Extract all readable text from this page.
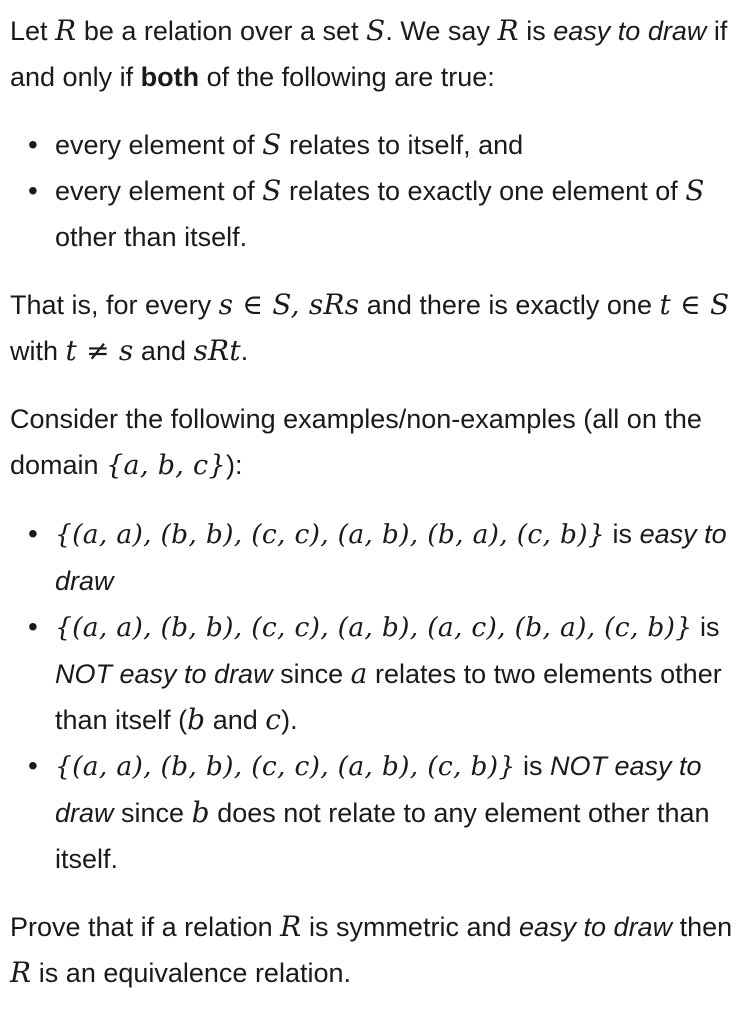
Let R be a relation over a set S. We say R is easy to draw if and only if both of the following are true:

• every element of S relates to itself, and
• every element of S relates to exactly one element of S other than itself.

That is, for every s ∈ S, sRs and there is exactly one t ∈ S with t ≠ s and sRt.

Consider the following examples/non-examples (all on the domain {a, b, c}):

• {(a, a), (b, b), (c, c), (a, b), (b, a), (c, b)} is easy to draw
• {(a, a), (b, b), (c, c), (a, b), (a, c), (b, a), (c, b)} is NOT easy to draw since a relates to two elements other than itself (b and c).
• {(a, a), (b, b), (c, c), (a, b), (c, b)} is NOT easy to draw since b does not relate to any element other than itself.

Prove that if a relation R is symmetric and easy to draw then R is an equivalence relation.
